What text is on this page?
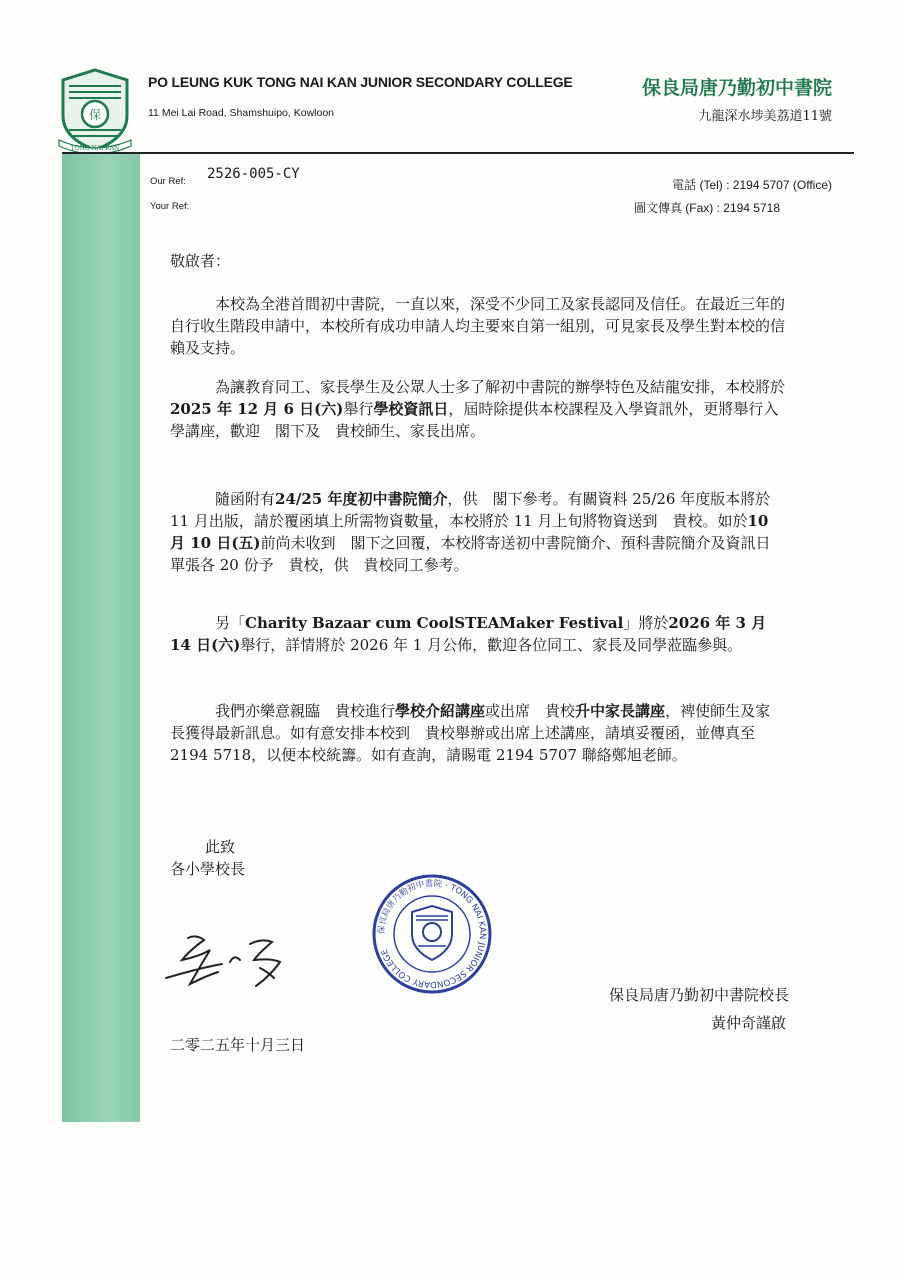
保
TONG NAI KAN
PO LEUNG KUK TONG NAI KAN JUNIOR SECONDARY COLLEGE
11 Mei Lai Road, Shamshuipo, Kowloon
保良局唐乃勤初中書院
九龍深水埗美荔道11號
Our Ref: 2526-005-CY
Your Ref:
電話 (Tel) : 2194 5707 (Office)
圖文傳真 (Fax) : 2194 5718
敬啟者：

本校為全港首間初中書院，一直以來，深受不少同工及家長認同及信任。在最近三年的自行收生階段申請中，本校所有成功申請人均主要來自第一組別，可見家長及學生對本校的信賴及支持。

為讓教育同工、家長學生及公眾人士多了解初中書院的辦學特色及結龍安排，本校將於2025 年 12 月 6 日(六)舉行學校資訊日，屆時除提供本校課程及入學資訊外，更將舉行入學講座，歡迎　閣下及　貴校師生、家長出席。

隨函附有24/25 年度初中書院簡介，供　閣下參考。有關資料 25/26 年度版本將於 11 月出版，請於覆函填上所需物資數量，本校將於 11 月上旬將物資送到　貴校。如於10 月 10 日(五)前尚未收到　閣下之回覆，本校將寄送初中書院簡介、預科書院簡介及資訊日單張各 20 份予　貴校，供　貴校同工參考。

另「Charity Bazaar cum CoolSTEAMaker Festival」將於2026 年 3 月 14 日(六)舉行，詳情將於 2026 年 1 月公佈，歡迎各位同工、家長及同學蒞臨參與。

我們亦樂意親臨　貴校進行學校介紹講座或出席　貴校升中家長講座，裨使師生及家長獲得最新訊息。如有意安排本校到　貴校舉辦或出席上述講座，請填妥覆函，並傳真至 2194 5718，以便本校統籌。如有查詢，請賜電 2194 5707 聯絡鄭旭老師。

此致
各小學校長
保良局唐乃勤初中書院 · TONG NAI KAN JUNIOR SECONDARY COLLEGE
保良局唐乃勤初中書院校長
黃仲奇謹啟
二零二五年十月三日
